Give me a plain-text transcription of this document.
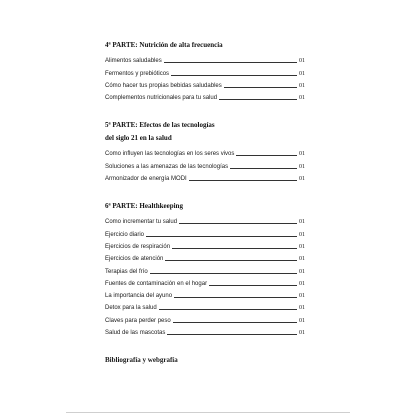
4ª PARTE: Nutrición de alta frecuencia
Alimentos saludables	01
Fermentos y prebióticos	01
Cómo hacer tus propias bebidas saludables	01
Complementos nutricionales para tu salud	01
5ª PARTE: Efectos de las tecnologías
del siglo 21 en la salud
Como influyen las tecnologías en los seres vivos	01
Soluciones a las amenazas de las tecnologías	01
Armonizador de energía MODI	01
6ª PARTE: Healthkeeping
Como incrementar tu salud	01
Ejercicio diario	01
Ejercicios de respiración	01
Ejercicios de atención	01
Terapias del frío	01
Fuentes de contaminación en el hogar	01
La importancia del ayuno	01
Detox para la salud	01
Claves para perder peso	01
Salud de las mascotas	01
Bibliografía y webgrafía
